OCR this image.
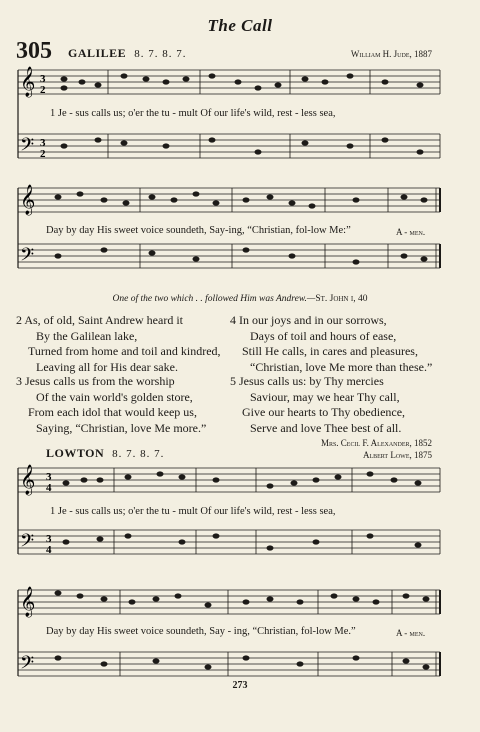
The Call
305 GALILEE 8. 7. 8. 7.	William H. Jude, 1887
𝄞
𝄢
3
2
3
2
1 Je - sus calls us; o'er the tu - mult Of our life's wild, rest - less sea,
𝄞
𝄢
Day by day His sweet voice soundeth, Say-ing, “Christian, fol-low Me:”	A - men.
One of the two which . . followed Him was Andrew.—St. John i, 40
2 As, of old, Saint Andrew heard it
By the Galilean lake,
Turned from home and toil and kindred,
Leaving all for His dear sake.
4 In our joys and in our sorrows,
Days of toil and hours of ease,
Still He calls, in cares and pleasures,
“Christian, love Me more than these.”
3 Jesus calls us from the worship
Of the vain world's golden store,
From each idol that would keep us,
Saying, “Christian, love Me more.”
5 Jesus calls us: by Thy mercies
Saviour, may we hear Thy call,
Give our hearts to Thy obedience,
Serve and love Thee best of all.
Mrs. Cecil F. Alexander, 1852
LOWTON 8. 7. 8. 7.	Albert Lowe, 1875
𝄞
𝄢
3
4
3
4
1 Je - sus calls us; o'er the tu - mult Of our life's wild, rest - less sea,
𝄞
𝄢
Day by day His sweet voice soundeth, Say - ing, “Christian, fol-low Me.”	A - men.
273
